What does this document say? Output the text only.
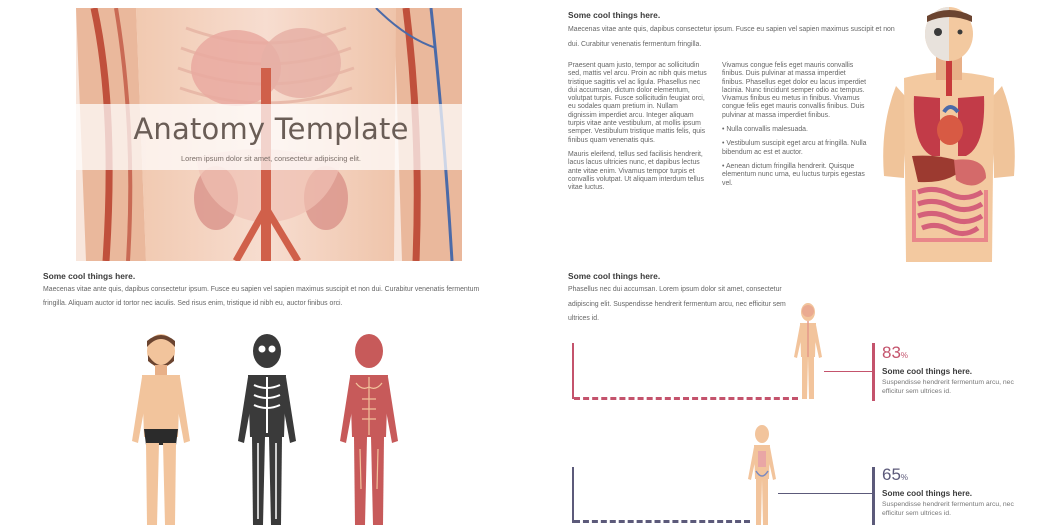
Anatomy Template
Lorem ipsum dolor sit amet, consectetur adipiscing elit.
Some cool things here.
Maecenas vitae ante quis, dapibus consectetur ipsum. Fusce eu sapien vel sapien maximus suscipit et non dui. Curabitur venenatis fermentum fringilla.

Praesent quam justo, tempor ac sollicitudin sed, mattis vel arcu. Proin ac nibh quis metus tristique sagittis vel ac ligula. Phasellus nec dui accumsan, dictum dolor elementum, volutpat turpis. Fusce sollicitudin feugiat orci, eu sodales quam pretium in. Nullam dignissim imperdiet arcu. Integer aliquam turpis vitae ante vestibulum, at mollis ipsum semper. Vestibulum tristique mattis felis, quis finibus quam venenatis quis.

Mauris eleifend, tellus sed facilisis hendrerit, lacus lacus ultricies nunc, et dapibus lectus ante vitae enim. Vivamus tempor turpis et convallis volutpat. Ut aliquam interdum tellus vitae luctus.

Vivamus congue felis eget mauris convallis finibus. Duis pulvinar at massa imperdiet finibus. Phasellus eget dolor eu lacus imperdiet lacinia. Nunc tincidunt semper odio ac tempus. Vivamus finibus eu metus in finibus. Vivamus congue felis eget mauris convallis finibus. Duis pulvinar at massa imperdiet finibus.

• Nulla convallis malesuada.

• Vestibulum suscipit eget arcu at fringilla. Nulla bibendum ac est et auctor.

• Aenean dictum fringilla hendrerit. Quisque elementum nunc urna, eu luctus turpis egestas vel.

Some cool things here.
Maecenas vitae ante quis, dapibus consectetur ipsum. Fusce eu sapien vel sapien maximus suscipit et non dui. Curabitur venenatis fermentum fringilla. Aliquam auctor id tortor nec iaculis. Sed risus enim, tristique id nibh eu, auctor finibus orci.
Some cool things here.
Phasellus nec dui accumsan. Lorem ipsum dolor sit amet, consectetur adipiscing elit. Suspendisse hendrerit fermentum arcu, nec efficitur sem ultrices id.
83%
Some cool things here.
Suspendisse hendrerit fermentum arcu, nec efficitur sem ultrices id.
65%
Some cool things here.
Suspendisse hendrerit fermentum arcu, nec efficitur sem ultrices id.
